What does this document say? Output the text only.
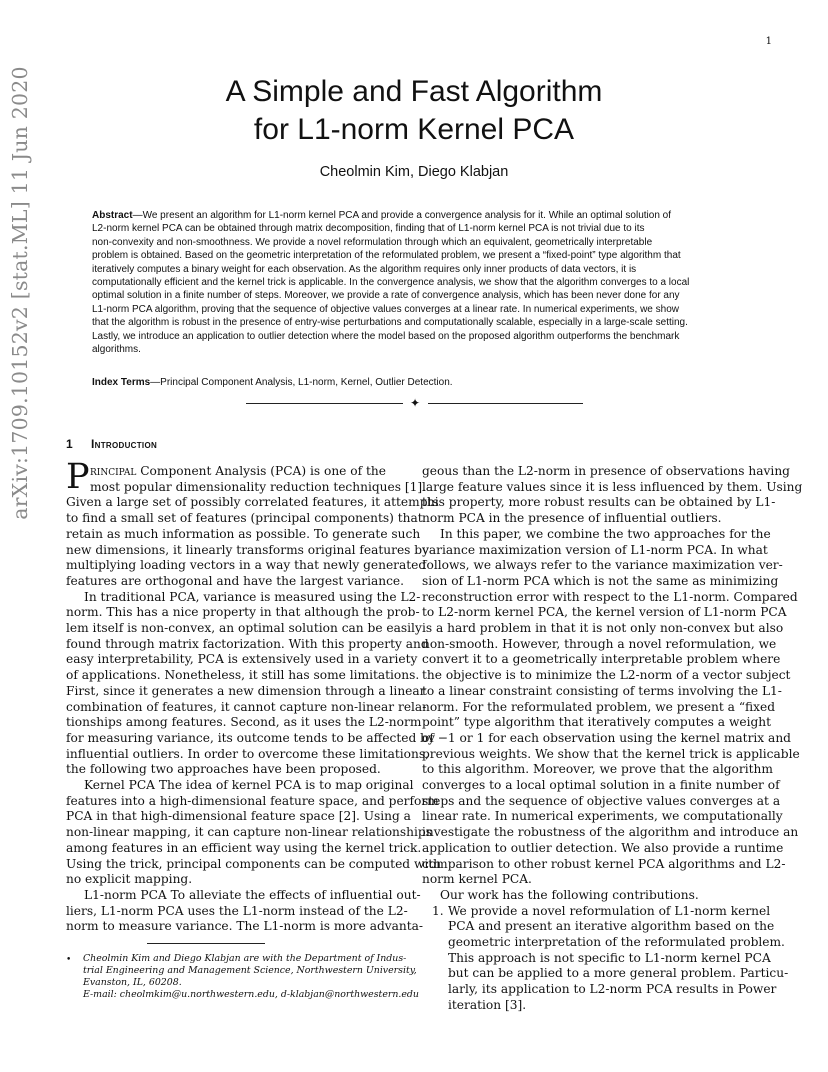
1
A Simple and Fast Algorithm
for L1-norm Kernel PCA
Cheolmin Kim, Diego Klabjan
Abstract—We present an algorithm for L1-norm kernel PCA and provide a convergence analysis for it. While an optimal solution of
L2-norm kernel PCA can be obtained through matrix decomposition, finding that of L1-norm kernel PCA is not trivial due to its
non-convexity and non-smoothness. We provide a novel reformulation through which an equivalent, geometrically interpretable
problem is obtained. Based on the geometric interpretation of the reformulated problem, we present a “fixed-point” type algorithm that
iteratively computes a binary weight for each observation. As the algorithm requires only inner products of data vectors, it is
computationally efficient and the kernel trick is applicable. In the convergence analysis, we show that the algorithm converges to a local
optimal solution in a finite number of steps. Moreover, we provide a rate of convergence analysis, which has been never done for any
L1-norm PCA algorithm, proving that the sequence of objective values converges at a linear rate. In numerical experiments, we show
that the algorithm is robust in the presence of entry-wise perturbations and computationally scalable, especially in a large-scale setting.
Lastly, we introduce an application to outlier detection where the model based on the proposed algorithm outperforms the benchmark
algorithms.
Index Terms—Principal Component Analysis, L1-norm, Kernel, Outlier Detection.
✦
arXiv:1709.10152v2 [stat.ML] 11 Jun 2020	1 Introduction
P rincipal Component Analysis (PCA) is one of the
most popular dimensionality reduction techniques [1].
Given a large set of possibly correlated features, it attempts
to find a small set of features (principal components) that
retain as much information as possible. To generate such
new dimensions, it linearly transforms original features by
multiplying loading vectors in a way that newly generated
features are orthogonal and have the largest variance.
In traditional PCA, variance is measured using the L2-
norm. This has a nice property in that although the prob-
lem itself is non-convex, an optimal solution can be easily
found through matrix factorization. With this property and
easy interpretability, PCA is extensively used in a variety
of applications. Nonetheless, it still has some limitations.
First, since it generates a new dimension through a linear
combination of features, it cannot capture non-linear rela-
tionships among features. Second, as it uses the L2-norm
for measuring variance, its outcome tends to be affected by
influential outliers. In order to overcome these limitations,
the following two approaches have been proposed.
Kernel PCA The idea of kernel PCA is to map original
features into a high-dimensional feature space, and perform
PCA in that high-dimensional feature space [2]. Using a
non-linear mapping, it can capture non-linear relationships
among features in an efficient way using the kernel trick.
Using the trick, principal components can be computed with
no explicit mapping.
L1-norm PCA To alleviate the effects of influential out-
liers, L1-norm PCA uses the L1-norm instead of the L2-
norm to measure variance. The L1-norm is more advanta-
• Cheolmin Kim and Diego Klabjan are with the Department of Indus-
trial Engineering and Management Science, Northwestern University,
Evanston, IL, 60208.
E-mail: cheolmkim@u.northwestern.edu, d-klabjan@northwestern.edu
geous than the L2-norm in presence of observations having
large feature values since it is less influenced by them. Using
this property, more robust results can be obtained by L1-
norm PCA in the presence of influential outliers.
In this paper, we combine the two approaches for the
variance maximization version of L1-norm PCA. In what
follows, we always refer to the variance maximization ver-
sion of L1-norm PCA which is not the same as minimizing
reconstruction error with respect to the L1-norm. Compared
to L2-norm kernel PCA, the kernel version of L1-norm PCA
is a hard problem in that it is not only non-convex but also
non-smooth. However, through a novel reformulation, we
convert it to a geometrically interpretable problem where
the objective is to minimize the L2-norm of a vector subject
to a linear constraint consisting of terms involving the L1-
norm. For the reformulated problem, we present a “fixed
point” type algorithm that iteratively computes a weight
of −1 or 1 for each observation using the kernel matrix and
previous weights. We show that the kernel trick is applicable
to this algorithm. Moreover, we prove that the algorithm
converges to a local optimal solution in a finite number of
steps and the sequence of objective values converges at a
linear rate. In numerical experiments, we computationally
investigate the robustness of the algorithm and introduce an
application to outlier detection. We also provide a runtime
comparison to other robust kernel PCA algorithms and L2-
norm kernel PCA.
Our work has the following contributions.
1. We provide a novel reformulation of L1-norm kernel
PCA and present an iterative algorithm based on the
geometric interpretation of the reformulated problem.
This approach is not specific to L1-norm kernel PCA
but can be applied to a more general problem. Particu-
larly, its application to L2-norm PCA results in Power
iteration [3].
